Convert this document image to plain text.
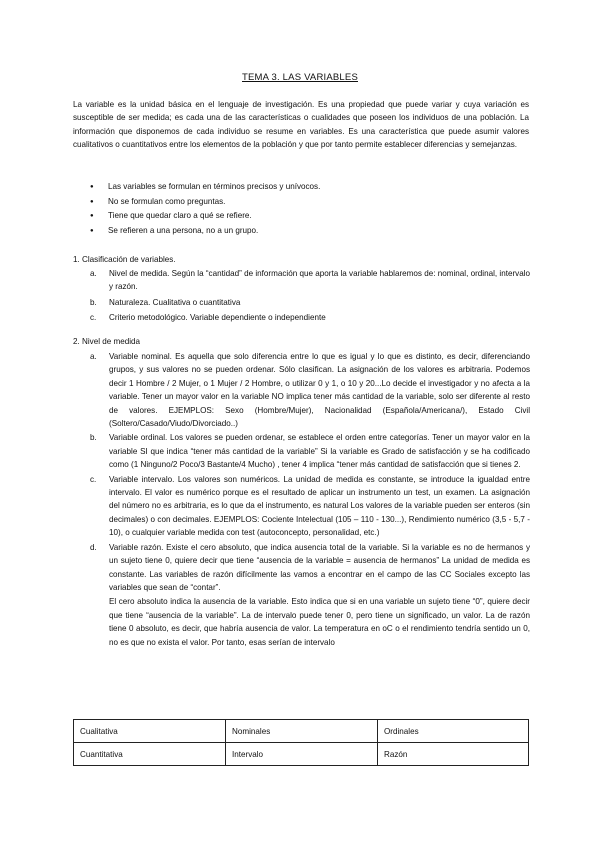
TEMA 3. LAS VARIABLES
La variable es la unidad básica en el lenguaje de investigación. Es una propiedad que puede variar y cuya variación es susceptible de ser medida; es cada una de las características o cualidades que poseen los individuos de una población. La información que disponemos de cada individuo se resume en variables. Es una característica que puede asumir valores cualitativos o cuantitativos entre los elementos de la población y que por tanto permite establecer diferencias y semejanzas.
● Las variables se formulan en términos precisos y unívocos.
● No se formulan como preguntas.
● Tiene que quedar claro a qué se refiere.
● Se refieren a una persona, no a un grupo.
1. Clasificación de variables.
a. Nivel de medida. Según la “cantidad” de información que aporta la variable hablaremos de: nominal, ordinal, intervalo y razón.
b. Naturaleza. Cualitativa o cuantitativa
c. Criterio metodológico. Variable dependiente o independiente
2. Nivel de medida
a. Variable nominal. Es aquella que solo diferencia entre lo que es igual y lo que es distinto, es decir, diferenciando grupos, y sus valores no se pueden ordenar. Sólo clasifican. La asignación de los valores es arbitraria. Podemos decir 1 Hombre / 2 Mujer, o 1 Mujer / 2 Hombre, o utilizar 0 y 1, o 10 y 20...Lo decide el investigador y no afecta a la variable. Tener un mayor valor en la variable NO implica tener más cantidad de la variable, solo ser diferente al resto de valores. EJEMPLOS: Sexo (Hombre/Mujer), Nacionalidad (Española/Americana/), Estado Civil (Soltero/Casado/Viudo/Divorciado..)
b. Variable ordinal. Los valores se pueden ordenar, se establece el orden entre categorías. Tener un mayor valor en la variable SI que indica “tener más cantidad de la variable” Si la variable es Grado de satisfacción y se ha codificado como (1 Ninguno/2 Poco/3 Bastante/4 Mucho) , tener 4 implica “tener más cantidad de satisfacción que si tienes 2.
c. Variable intervalo. Los valores son numéricos. La unidad de medida es constante, se introduce la igualdad entre intervalo. El valor es numérico porque es el resultado de aplicar un instrumento un test, un examen. La asignación del número no es arbitraria, es lo que da el instrumento, es natural Los valores de la variable pueden ser enteros (sin decimales) o con decimales. EJEMPLOS: Cociente Intelectual (105 – 110 - 130...), Rendimiento numérico (3,5 - 5,7 - 10), o cualquier variable medida con test (autoconcepto, personalidad, etc.)
d. Variable razón. Existe el cero absoluto, que indica ausencia total de la variable. Si la variable es no de hermanos y un sujeto tiene 0, quiere decir que tiene “ausencia de la variable = ausencia de hermanos” La unidad de medida es constante. Las variables de razón difícilmente las vamos a encontrar en el campo de las CC Sociales excepto las variables que sean de “contar”.
El cero absoluto indica la ausencia de la variable. Esto indica que si en una variable un sujeto tiene “0”, quiere decir que tiene “ausencia de la variable”. La de intervalo puede tener 0, pero tiene un significado, un valor. La de razón tiene 0 absoluto, es decir, que habría ausencia de valor. La temperatura en oC o el rendimiento tendría sentido un 0, no es que no exista el valor. Por tanto, esas serían de intervalo
Cualitativa	Nominales	Ordinales
Cuantitativa	Intervalo	Razón
